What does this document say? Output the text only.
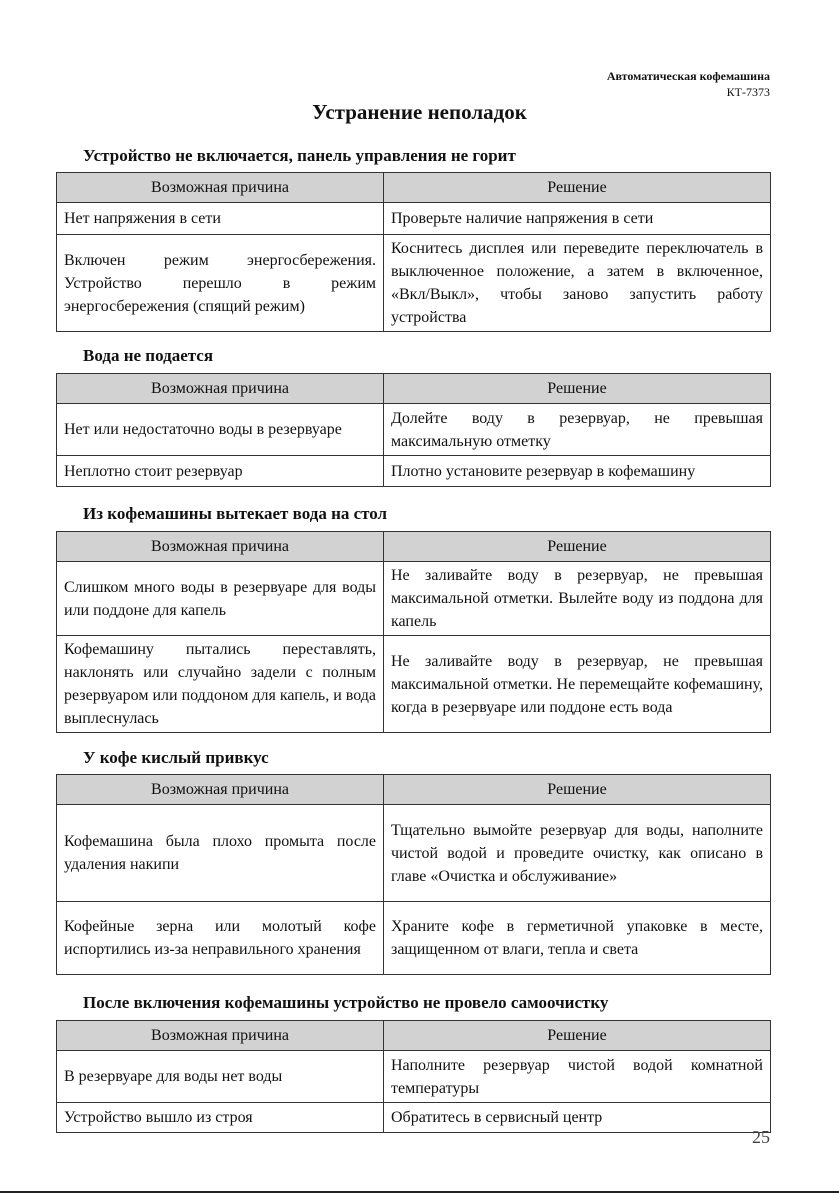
Автоматическая кофемашина
КТ-7373
Устранение неполадок
Устройство не включается, панель управления не горит
Возможная причина	Решение
Нет напряжения в сети	Проверьте наличие напряжения в сети
Включен режим энергосбережения. Устройство перешло в режим энергосбережения (спящий режим)	Коснитесь дисплея или переведите переключатель в выключенное положение, а затем в включенное, «Вкл/Выкл», чтобы заново запустить работу устройства
Вода не подается
Возможная причина	Решение
Нет или недостаточно воды в резервуаре	Долейте воду в резервуар, не превышая максимальную отметку
Неплотно стоит резервуар	Плотно установите резервуар в кофемашину
Из кофемашины вытекает вода на стол
Возможная причина	Решение
Слишком много воды в резервуаре для воды или поддоне для капель	Не заливайте воду в резервуар, не превышая максимальной отметки. Вылейте воду из поддона для капель
Кофемашину пытались переставлять, наклонять или случайно задели с полным резервуаром или поддоном для капель, и вода выплеснулась	Не заливайте воду в резервуар, не превышая максимальной отметки. Не перемещайте кофемашину, когда в резервуаре или поддоне есть вода
У кофе кислый привкус
Возможная причина	Решение
Кофемашина была плохо промыта после удаления накипи	Тщательно вымойте резервуар для воды, наполните чистой водой и проведите очистку, как описано в главе «Очистка и обслуживание»
Кофейные зерна или молотый кофе испортились из-за неправильного хранения	Храните кофе в герметичной упаковке в месте, защищенном от влаги, тепла и света
После включения кофемашины устройство не провело самоочистку
Возможная причина	Решение
В резервуаре для воды нет воды	Наполните резервуар чистой водой комнатной температуры
Устройство вышло из строя	Обратитесь в сервисный центр
25
